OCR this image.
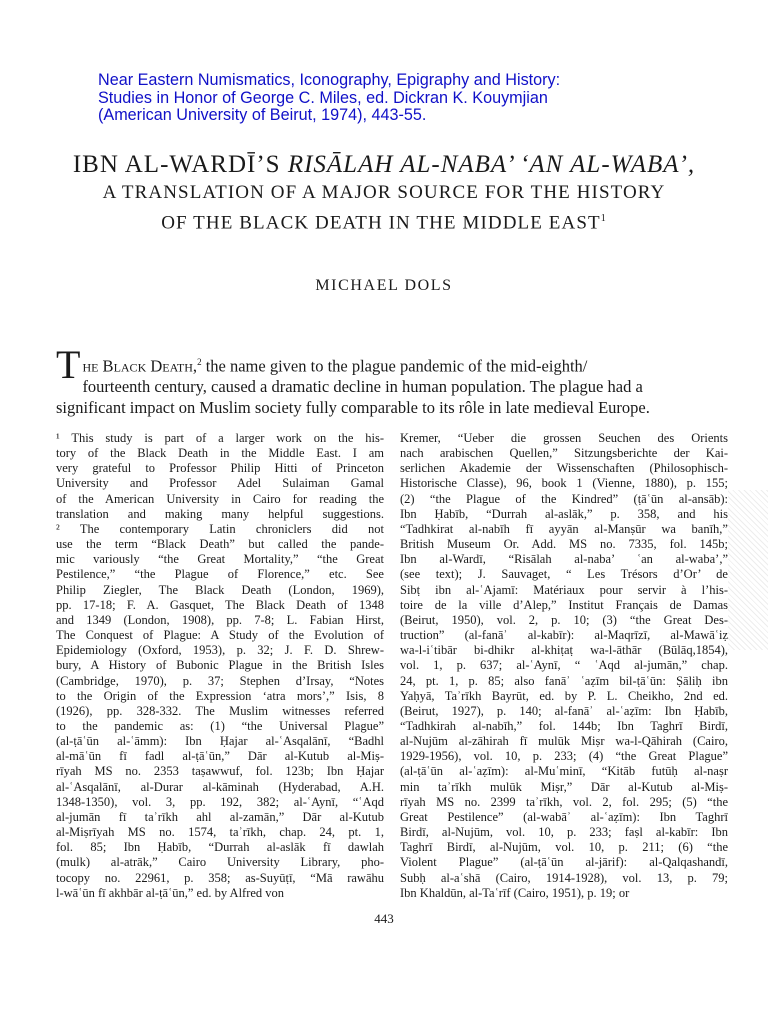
Near Eastern Numismatics, Iconography, Epigraphy and History:
Studies in Honor of George C. Miles, ed. Dickran K. Kouymjian
(American University of Beirut, 1974), 443-55.
IBN AL-WARDĪ’S RISĀLAH AL-NABA’ ‘AN AL-WABA’,
A TRANSLATION OF A MAJOR SOURCE FOR THE HISTORY
OF THE BLACK DEATH IN THE MIDDLE EAST$^1$
MICHAEL DOLS
T he Black Death,$^2$ the name given to the plague pandemic of the mid-eighth/
fourteenth century, caused a dramatic decline in human population. The plague had a
significant impact on Muslim society fully comparable to its rôle in late medieval Europe.
¹ This study is part of a larger work on the his-
tory of the Black Death in the Middle East. I am
very grateful to Professor Philip Hitti of Princeton
University and Professor Adel Sulaiman Gamal
of the American University in Cairo for reading the
translation and making many helpful suggestions.
² The contemporary Latin chroniclers did not
use the term “Black Death” but called the pande-
mic variously “the Great Mortality,” “the Great
Pestilence,” “the Plague of Florence,” etc. See
Philip Ziegler, The Black Death (London, 1969),
pp. 17-18; F. A. Gasquet, The Black Death of 1348
and 1349 (London, 1908), pp. 7-8; L. Fabian Hirst,
The Conquest of Plague: A Study of the Evolution of
Epidemiology (Oxford, 1953), p. 32; J. F. D. Shrew-
bury, A History of Bubonic Plague in the British Isles
(Cambridge, 1970), p. 37; Stephen d’Irsay, “Notes
to the Origin of the Expression ‘atra mors’,” Isis, 8
(1926), pp. 328-332. The Muslim witnesses referred
to the pandemic as: (1) “the Universal Plague”
(al-ṭāʿūn al-ʿāmm): Ibn Ḥajar al-ʿAsqalānī, “Badhl
al-māʿūn fī fadl al-ṭāʿūn,” Dār al-Kutub al-Miṣ-
rīyah MS no. 2353 taṣawwuf, fol. 123b; Ibn Ḥajar
al-ʿAsqalānī, al-Durar al-kāminah (Hyderabad, A.H.
1348-1350), vol. 3, pp. 192, 382; al-ʿAynī, “ʿAqd
al-jumān fī taʾrīkh ahl al-zamān,” Dār al-Kutub
al-Miṣrīyah MS no. 1574, taʾrīkh, chap. 24, pt. 1,
fol. 85; Ibn Ḥabīb, “Durrah al-aslāk fī dawlah
(mulk) al-atrāk,” Cairo University Library, pho-
tocopy no. 22961, p. 358; as-Suyūṭī, “Mā rawāhu
l-wāʿūn fī akhbār al-ṭāʿūn,” ed. by Alfred von
Kremer, “Ueber die grossen Seuchen des Orients
nach arabischen Quellen,” Sitzungsberichte der Kai-
serlichen Akademie der Wissenschaften (Philosophisch-
Historische Classe), 96, book 1 (Vienne, 1880), p. 155;
(2) “the Plague of the Kindred” (ṭāʿūn al-ansāb):
Ibn Ḥabīb, “Durrah al-aslāk,” p. 358, and his
“Tadhkirat al-nabīh fī ayyān al-Manṣūr wa banīh,”
British Museum Or. Add. MS no. 7335, fol. 145b;
Ibn al-Wardī, “Risālah al-naba’ ʿan al-waba’,”
(see text); J. Sauvaget, “ Les Trésors d’Or’ de
Sibṭ ibn al-ʿAjamī: Matériaux pour servir à l’his-
toire de la ville d’Alep,” Institut Français de Damas
(Beirut, 1950), vol. 2, p. 10; (3) “the Great Des-
truction” (al-fanāʾ al-kabīr): al-Maqrīzī, al-Mawāʿiẓ
wa-l-iʿtibār bi-dhikr al-khiṭaṭ wa-l-āthār (Būlāq,1854),
vol. 1, p. 637; al-ʿAynī, “ ʿAqd al-jumān,” chap.
24, pt. 1, p. 85; also fanāʾ ʿaẓīm bil-ṭāʿūn: Ṣāliḥ ibn
Yaḥyā, Taʾrīkh Bayrūt, ed. by P. L. Cheikho, 2nd ed.
(Beirut, 1927), p. 140; al-fanāʾ al-ʿaẓīm: Ibn Ḥabīb,
“Tadhkirah al-nabīh,” fol. 144b; Ibn Taghrī Birdī,
al-Nujūm al-zāhirah fī mulūk Miṣr wa-l-Qāhirah (Cairo,
1929-1956), vol. 10, p. 233; (4) “the Great Plague”
(al-ṭāʿūn al-ʿaẓīm): al-Muʿminī, “Kitāb futūḥ al-naṣr
min taʾrīkh mulūk Miṣr,” Dār al-Kutub al-Miṣ-
rīyah MS no. 2399 taʾrīkh, vol. 2, fol. 295; (5) “the
Great Pestilence” (al-wabāʾ al-ʿaẓīm): Ibn Taghrī
Birdī, al-Nujūm, vol. 10, p. 233; faṣl al-kabīr: Ibn
Taghrī Birdī, al-Nujūm, vol. 10, p. 211; (6) “the
Violent Plague” (al-ṭāʿūn al-jārif): al-Qalqashandī,
Subḥ al-aʿshā (Cairo, 1914-1928), vol. 13, p. 79;
Ibn Khaldūn, al-Taʿrīf (Cairo, 1951), p. 19; or
443
